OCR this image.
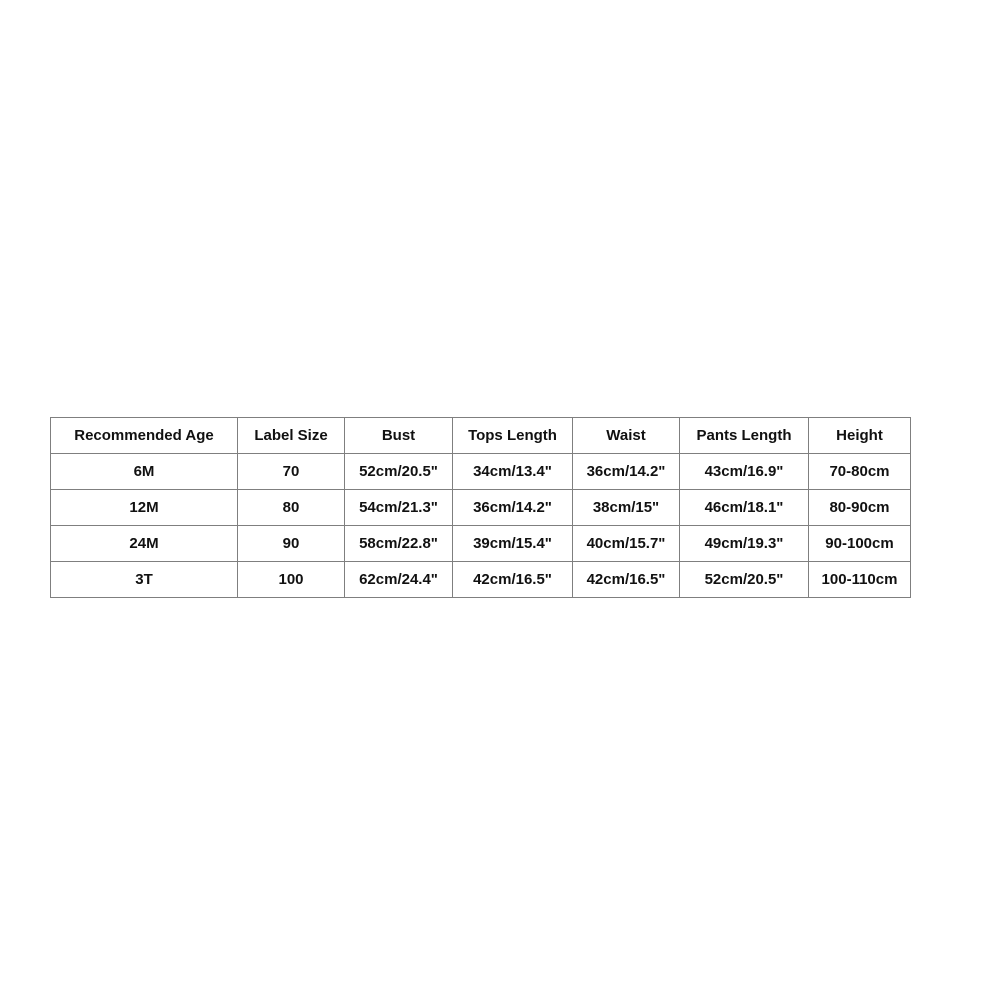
Recommended Age	Label Size	Bust	Tops Length	Waist	Pants Length	Height
6M	70	52cm/20.5"	34cm/13.4"	36cm/14.2"	43cm/16.9"	70-80cm
12M	80	54cm/21.3"	36cm/14.2"	38cm/15"	46cm/18.1"	80-90cm
24M	90	58cm/22.8"	39cm/15.4"	40cm/15.7"	49cm/19.3"	90-100cm
3T	100	62cm/24.4"	42cm/16.5"	42cm/16.5"	52cm/20.5"	100-110cm
